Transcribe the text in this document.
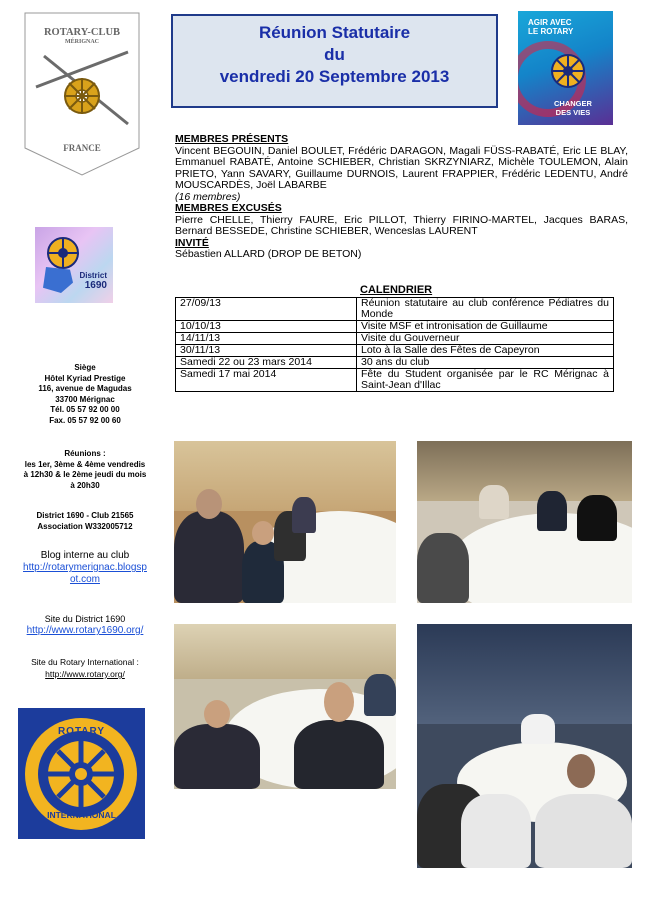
ROTARY-CLUB
MÉRIGNAC
FRANCE
Réunion Statutaire
du
vendredi 20 Septembre 2013
AGIR AVEC
LE ROTARY
CHANGER
DES VIES
District
1690
Siège
Hôtel Kyriad Prestige
116, avenue de Magudas
33700 Mérignac
Tél. 05 57 92 00 00
Fax. 05 57 92 00 60
Réunions :
les 1er, 3ème & 4ème vendredis
à 12h30 & le 2ème jeudi du mois
à 20h30
District 1690 - Club 21565
Association W332005712
Blog interne au club
http://rotarymerignac.blogsp
ot.com
Site du District 1690
http://www.rotary1690.org/
Site du Rotary International :
http://www.rotary.org/
ROTARY
INTERNATIONAL
MEMBRES PRÉSENTS
Vincent BEGOUIN, Daniel BOULET, Frédéric DARAGON, Magali FÜSS-RABATÉ, Eric LE BLAY, Emmanuel RABATÉ, Antoine SCHIEBER, Christian SKRZYNIARZ, Michèle TOULEMON, Alain PRIETO, Yann SAVARY, Guillaume DURNOIS, Laurent FRAPPIER, Frédéric LEDENTU, André MOUSCARDÈS, Joël LABARBE
(16 membres)
MEMBRES EXCUSÉS
Pierre CHELLE, Thierry FAURE, Eric PILLOT, Thierry FIRINO-MARTEL, Jacques BARAS, Bernard BESSEDE, Christine SCHIEBER, Wenceslas LAURENT
INVITÉ
Sébastien ALLARD (DROP DE BETON)
CALENDRIER
27/09/13	Réunion statutaire au club conférence Pédiatres du Monde
10/10/13	Visite MSF et intronisation de Guillaume
14/11/13	Visite du Gouverneur
30/11/13	Loto à la Salle des Fêtes de Capeyron
Samedi 22 ou 23 mars 2014	30 ans du club
Samedi 17 mai 2014	Fête du Student organisée par le RC Mérignac à Saint-Jean d'Illac
